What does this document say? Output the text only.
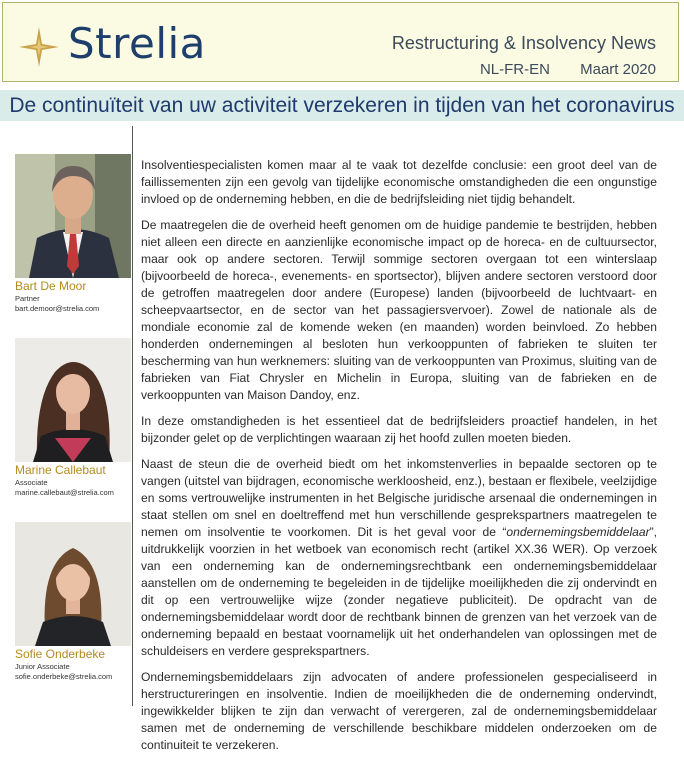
Strelia	Restructuring & Insolvency News
NL-FR-EN Maart 2020
De continuïteit van uw activiteit verzekeren in tijden van het coronavirus
Bart De Moor
Partner
bart.demoor@strelia.com
Marine Callebaut
Associate
marine.callebaut@strelia.com
Sofie Onderbeke
Junior Associate
sofie.onderbeke@strelia.com

Insolventiespecialisten komen maar al te vaak tot dezelfde conclusie: een groot deel van de faillissementen zijn een gevolg van tijdelijke economische omstandigheden die een ongunstige invloed op de onderneming hebben, en die de bedrijfsleiding niet tijdig behandelt.

De maatregelen die de overheid heeft genomen om de huidige pandemie te bestrijden, hebben niet alleen een directe en aanzienlijke economische impact op de horeca- en de cultuursector, maar ook op andere sectoren. Terwijl sommige sectoren overgaan tot een winterslaap (bijvoorbeeld de horeca-, evenements- en sportsector), blijven andere sectoren verstoord door de getroffen maatregelen door andere (Europese) landen (bijvoorbeeld de luchtvaart- en scheepvaartsector, en de sector van het passagiersvervoer). Zowel de nationale als de mondiale economie zal de komende weken (en maanden) worden beinvloed. Zo hebben honderden ondernemingen al besloten hun verkooppunten of fabrieken te sluiten ter bescherming van hun werknemers: sluiting van de verkooppunten van Proximus, sluiting van de fabrieken van Fiat Chrysler en Michelin in Europa, sluiting van de fabrieken en de verkooppunten van Maison Dandoy, enz.

In deze omstandigheden is het essentieel dat de bedrijfsleiders proactief handelen, in het bijzonder gelet op de verplichtingen waaraan zij het hoofd zullen moeten bieden.

Naast de steun die de overheid biedt om het inkomstenverlies in bepaalde sectoren op te vangen (uitstel van bijdragen, economische werkloosheid, enz.), bestaan er flexibele, veelzijdige en soms vertrouwelijke instrumenten in het Belgische juridische arsenaal die ondernemingen in staat stellen om snel en doeltreffend met hun verschillende gesprekspartners maatregelen te nemen om insolventie te voorkomen. Dit is het geval voor de “ondernemingsbemiddelaar”, uitdrukkelijk voorzien in het wetboek van economisch recht (artikel XX.36 WER). Op verzoek van een onderneming kan de ondernemingsrechtbank een ondernemingsbemiddelaar aanstellen om de onderneming te begeleiden in de tijdelijke moeilijkheden die zij ondervindt en dit op een vertrouwelijke wijze (zonder negatieve publiciteit). De opdracht van de ondernemingsbemiddelaar wordt door de rechtbank binnen de grenzen van het verzoek van de onderneming bepaald en bestaat voornamelijk uit het onderhandelen van oplossingen met de schuldeisers en verdere gesprekspartners.

Ondernemingsbemiddelaars zijn advocaten of andere professionelen gespecialiseerd in herstructureringen en insolventie. Indien de moeilijkheden die de onderneming ondervindt, ingewikkelder blijken te zijn dan verwacht of verergeren, zal de ondernemingsbemiddelaar samen met de onderneming de verschillende beschikbare middelen onderzoeken om de continuiteit te verzekeren.
